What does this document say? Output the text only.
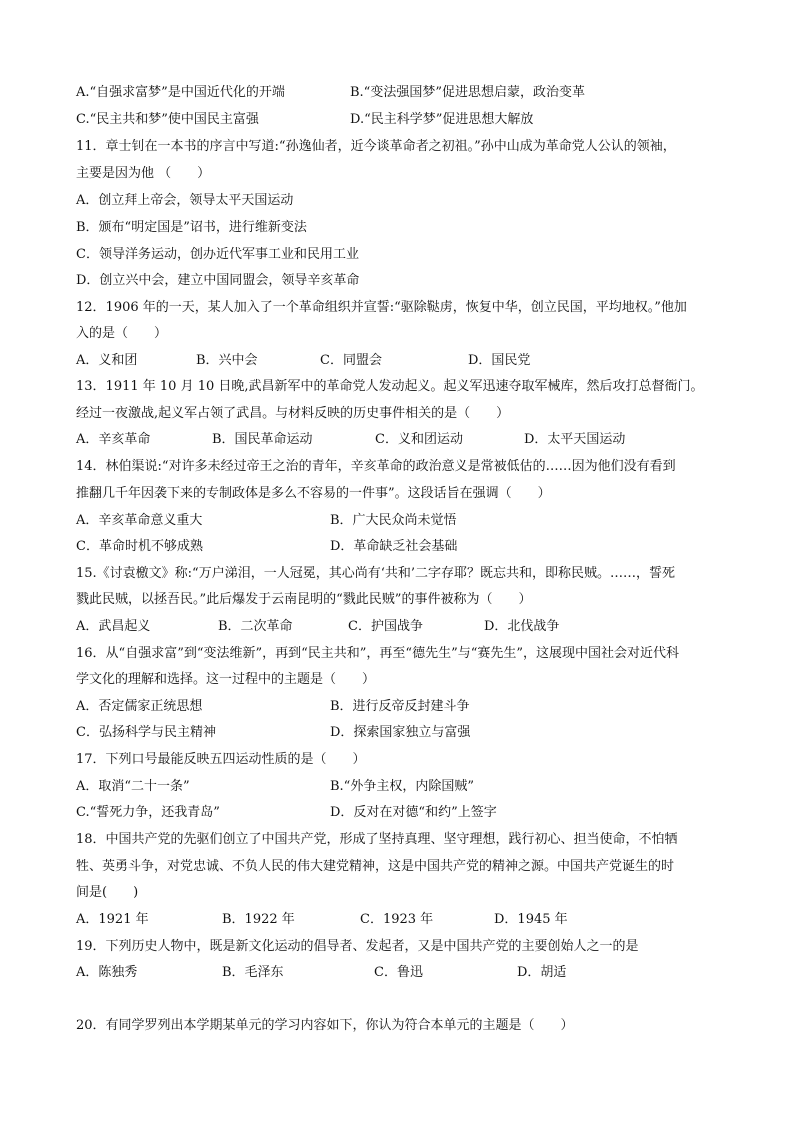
A.“自强求富梦”是中国近代化的开端	B.“变法强国梦”促进思想启蒙，政治变革
C.“民主共和梦”使中国民主富强	D.“民主科学梦”促进思想大解放
11．章士钊在一本书的序言中写道:“孙逸仙者，近今谈革命者之初祖。”孙中山成为革命党人公认的领袖，
主要是因为他 （　　）
A．创立拜上帝会，领导太平天国运动
B．颁布“明定国是”诏书，进行维新变法
C．领导洋务运动，创办近代军事工业和民用工业
D．创立兴中会，建立中国同盟会，领导辛亥革命
12．1906 年的一天，某人加入了一个革命组织并宣誓:“驱除鞑虏，恢复中华，创立民国，平均地权。”他加
入的是（　　）
A．义和团	B．兴中会	C．同盟会	D．国民党
13．1911 年 10 月 10 日晚,武昌新军中的革命党人发动起义。起义军迅速夺取军械库，然后攻打总督衙门。
经过一夜激战,起义军占领了武昌。与材料反映的历史事件相关的是（　　）
A．辛亥革命	B．国民革命运动	C．义和团运动	D．太平天国运动
14．林伯渠说:“对许多未经过帝王之治的青年，辛亥革命的政治意义是常被低估的……因为他们没有看到
推翻几千年因袭下来的专制政体是多么不容易的一件事”。这段话旨在强调（　　）
A．辛亥革命意义重大	B．广大民众尚未觉悟
C．革命时机不够成熟	D．革命缺乏社会基础
15.《讨袁檄文》称:“万户涕泪，一人冠冕，其心尚有‘共和’二字存耶？既忘共和，即称民贼。……，誓死
戮此民贼，以拯吾民。”此后爆发于云南昆明的“戮此民贼”的事件被称为（　　）
A．武昌起义	B．二次革命	C．护国战争	D．北伐战争
16．从“自强求富”到“变法维新”，再到“民主共和”，再至“德先生”与“赛先生”，这展现中国社会对近代科
学文化的理解和选择。这一过程中的主题是（　　）
A．否定儒家正统思想	B．进行反帝反封建斗争
C．弘扬科学与民主精神	D．探索国家独立与富强
17．下列口号最能反映五四运动性质的是（　　）
A．取消“二十一条”	B.“外争主权，内除国贼”
C.“誓死力争，还我青岛”	D．反对在对德“和约”上签字
18．中国共产党的先驱们创立了中国共产党，形成了坚持真理、坚守理想，践行初心、担当使命，不怕牺
牲、英勇斗争，对党忠诚、不负人民的伟大建党精神，这是中国共产党的精神之源。中国共产党诞生的时
间是(　　)
A．1921 年	B．1922 年	C．1923 年	D．1945 年
19．下列历史人物中，既是新文化运动的倡导者、发起者，又是中国共产党的主要创始人之一的是
A．陈独秀	B．毛泽东	C．鲁迅	D．胡适
20．有同学罗列出本学期某单元的学习内容如下，你认为符合本单元的主题是（　　）
